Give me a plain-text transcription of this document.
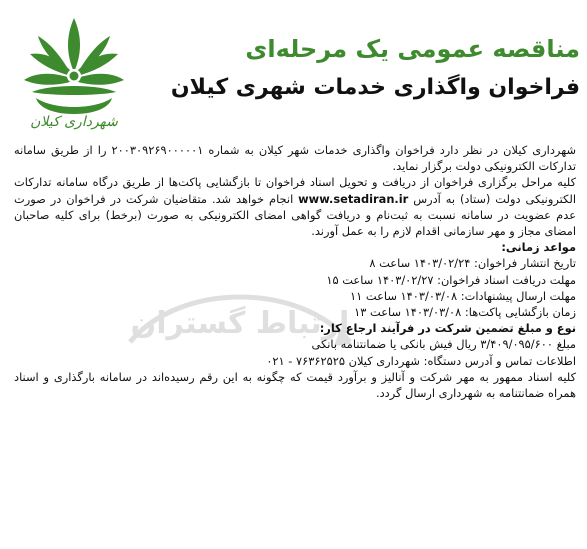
شهرداری کیلان

مناقصه عمومی یک مرحله‌ای

فراخوان واگذاری خدمات شهری کیلان

ارتباط گستران

شهرداری کیلان در نظر دارد فراخوان واگذاری خدمات شهر کیلان به شماره ۲۰۰۳۰۹۲۶۹۰۰۰۰۰۱ را از طریق سامانه تدارکات الکترونیکی دولت برگزار نماید.

کلیه مراحل برگزاری فراخوان از دریافت و تحویل اسناد فراخوان تا بازگشایی پاکت‌ها از طریق درگاه سامانه تدارکات الکترونیکی دولت (ستاد) به آدرس www.setadiran.ir انجام خواهد شد. متقاضیان شرکت در فراخوان در صورت عدم عضویت در سامانه نسبت به ثبت‌نام و دریافت گواهی امضای الکترونیکی به صورت (برخط) برای کلیه صاحبان امضای مجاز و مهر سازمانی اقدام لازم را به عمل آورند.

مواعد زمانی:

تاریخ انتشار فراخوان: ۱۴۰۳/۰۲/۲۴ ساعت ۸

مهلت دریافت اسناد فراخوان: ۱۴۰۳/۰۲/۲۷ ساعت ۱۵

مهلت ارسال پیشنهادات: ۱۴۰۳/۰۳/۰۸ ساعت ۱۱

زمان بازگشایی پاکت‌ها: ۱۴۰۳/۰۳/۰۸ ساعت ۱۳

نوع و مبلغ تضمین شرکت در فرآیند ارجاع کار:

مبلغ ۳/۴۰۹/۰۹۵/۶۰۰ ریال فیش بانکی یا ضمانتنامه بانکی

اطلاعات تماس و آدرس دستگاه: شهرداری کیلان ۷۶۳۶۲۵۲۵ - ۰۲۱

کلیه اسناد ممهور به مهر شرکت و آنالیز و برآورد قیمت که چگونه به این رقم رسیده‌اند در سامانه بارگذاری و اسناد همراه ضمانتنامه به شهرداری ارسال گردد.
